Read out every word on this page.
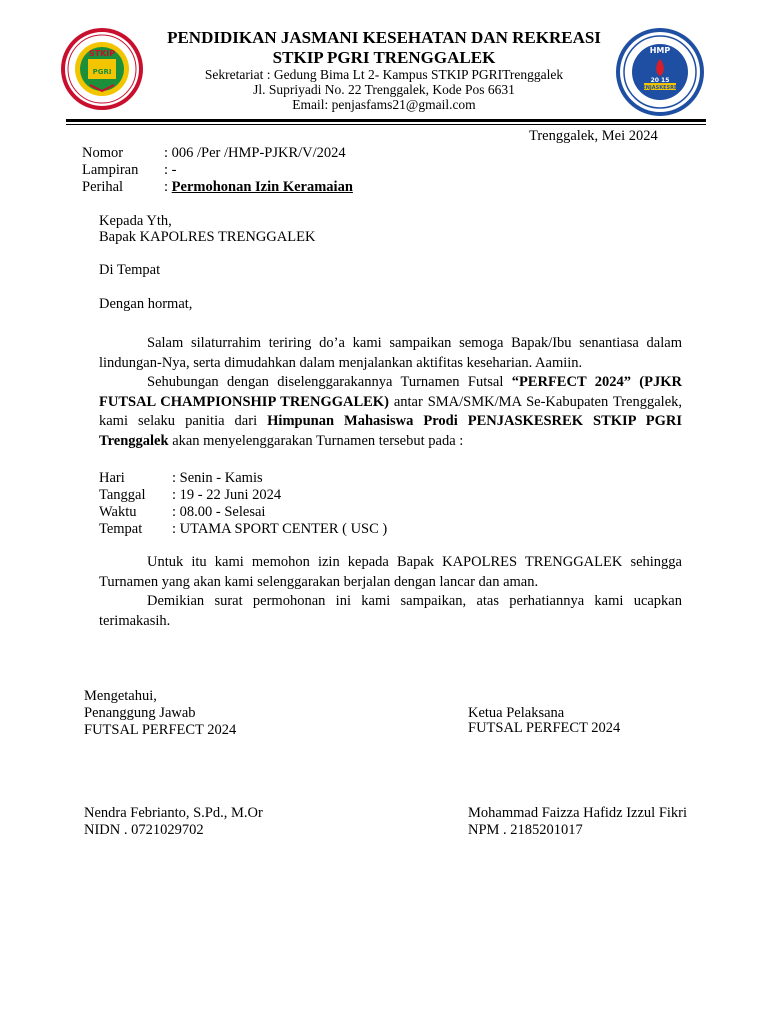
STKIP
PGRI
HMP
PENJASKESREK
20 15
PENDIDIKAN JASMANI KESEHATAN DAN REKREASI
STKIP PGRI TRENGGALEK
Sekretariat : Gedung Bima Lt 2- Kampus STKIP PGRITrenggalek
Jl. Supriyadi No. 22 Trenggalek, Kode Pos 6631
Email: penjasfams21@gmail.com
Trenggalek, Mei 2024
Nomor	: 006 /Per /HMP-PJKR/V/2024
Lampiran : -
Perihal	: Permohonan Izin Keramaian
Kepada Yth,
Bapak KAPOLRES TRENGGALEK
Di Tempat
Dengan hormat,
Salam silaturrahim teriring do’a kami sampaikan semoga Bapak/Ibu senantiasa dalam lindungan-Nya, serta dimudahkan dalam menjalankan aktifitas keseharian. Aamiin.
Sehubungan dengan diselenggarakannya Turnamen Futsal “PERFECT 2024” (PJKR FUTSAL CHAMPIONSHIP TRENGGALEK) antar SMA/SMK/MA Se-Kabupaten Trenggalek, kami selaku panitia dari Himpunan Mahasiswa Prodi PENJASKESREK STKIP PGRI Trenggalek akan menyelenggarakan Turnamen tersebut pada :
Hari	: Senin - Kamis
Tanggal : 19 - 22 Juni 2024
Waktu : 08.00 - Selesai
Tempat : UTAMA SPORT CENTER ( USC )
Untuk itu kami memohon izin kepada Bapak KAPOLRES TRENGGALEK sehingga Turnamen yang akan kami selenggarakan berjalan dengan lancar dan aman.
Demikian surat permohonan ini kami sampaikan, atas perhatiannya kami ucapkan terimakasih.
Mengetahui,
Penanggung Jawab
FUTSAL PERFECT 2024
Nendra Febrianto, S.Pd., M.Or
NIDN . 0721029702
Ketua Pelaksana
FUTSAL PERFECT 2024
Mohammad Faizza Hafidz Izzul Fikri
NPM . 2185201017
